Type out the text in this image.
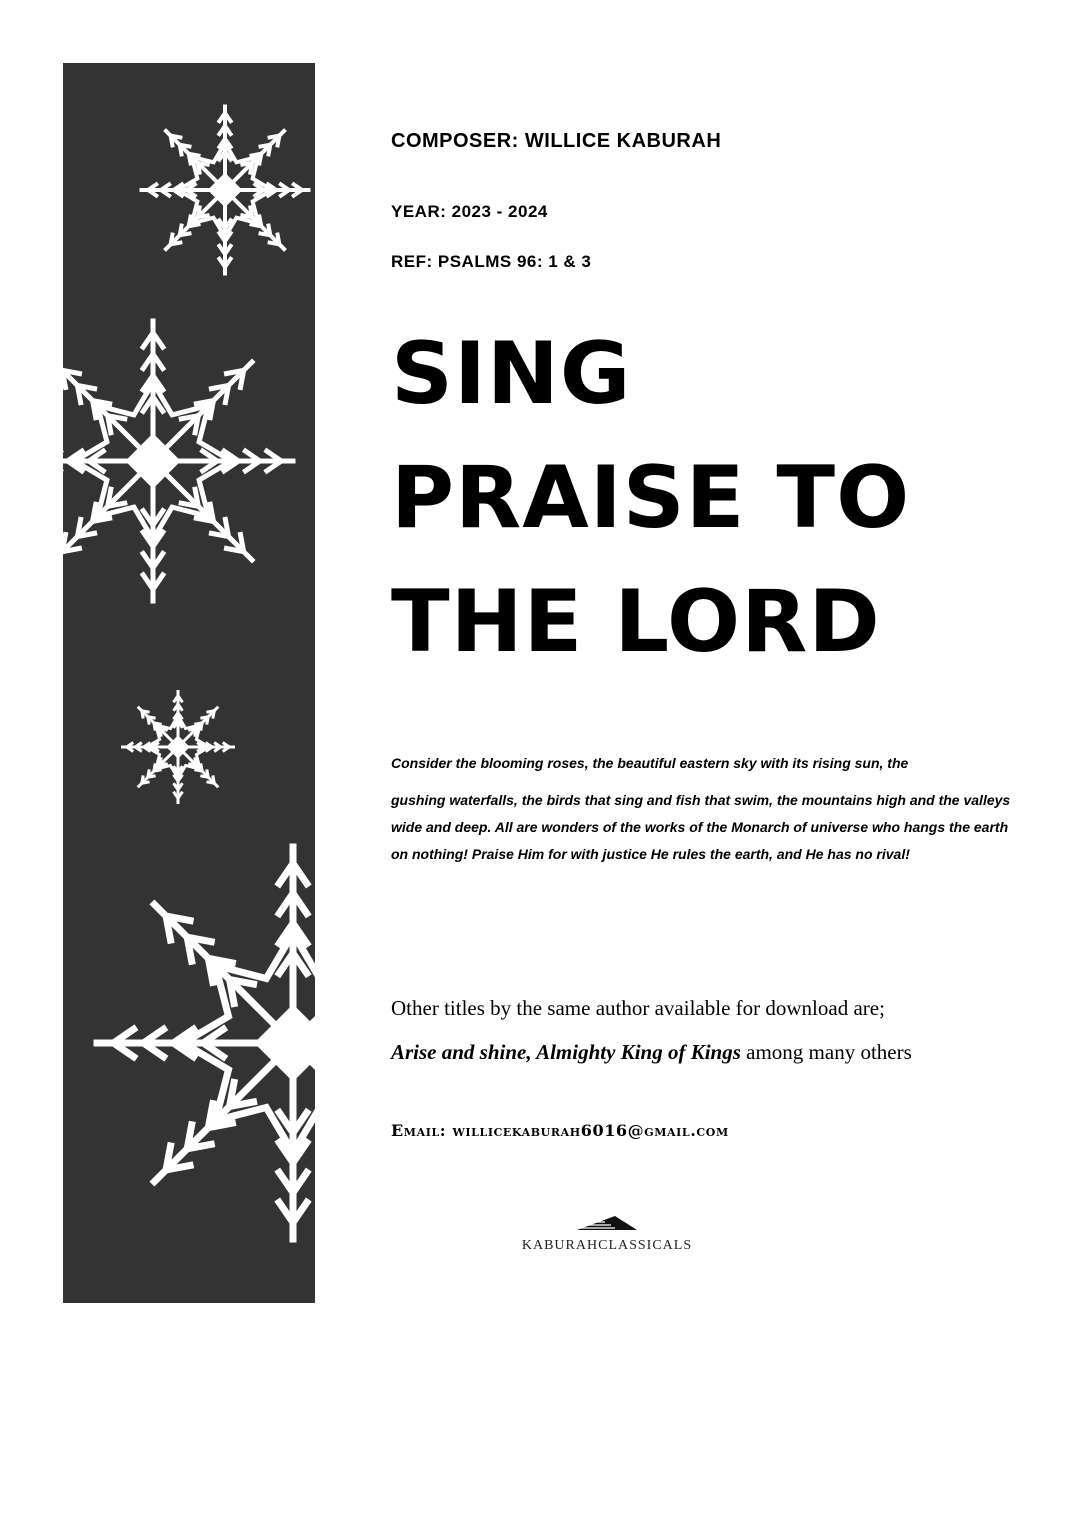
COMPOSER: WILLICE KABURAH
YEAR: 2023 - 2024
REF: PSALMS 96: 1 & 3
SING
PRAISE TO
THE LORD

Consider the blooming roses, the beautiful eastern sky with its rising sun, the
gushing waterfalls, the birds that sing and fish that swim, the mountains high and the valleys wide and deep. All are wonders of the works of the Monarch of universe who hangs the earth on nothing! Praise Him for with justice He rules the earth, and He has no rival!

Other titles by the same author available for download are;
Arise and shine, Almighty King of Kings among many others
Email: willicekaburah6016@gmail.com
KABURAHCLASSICALS
